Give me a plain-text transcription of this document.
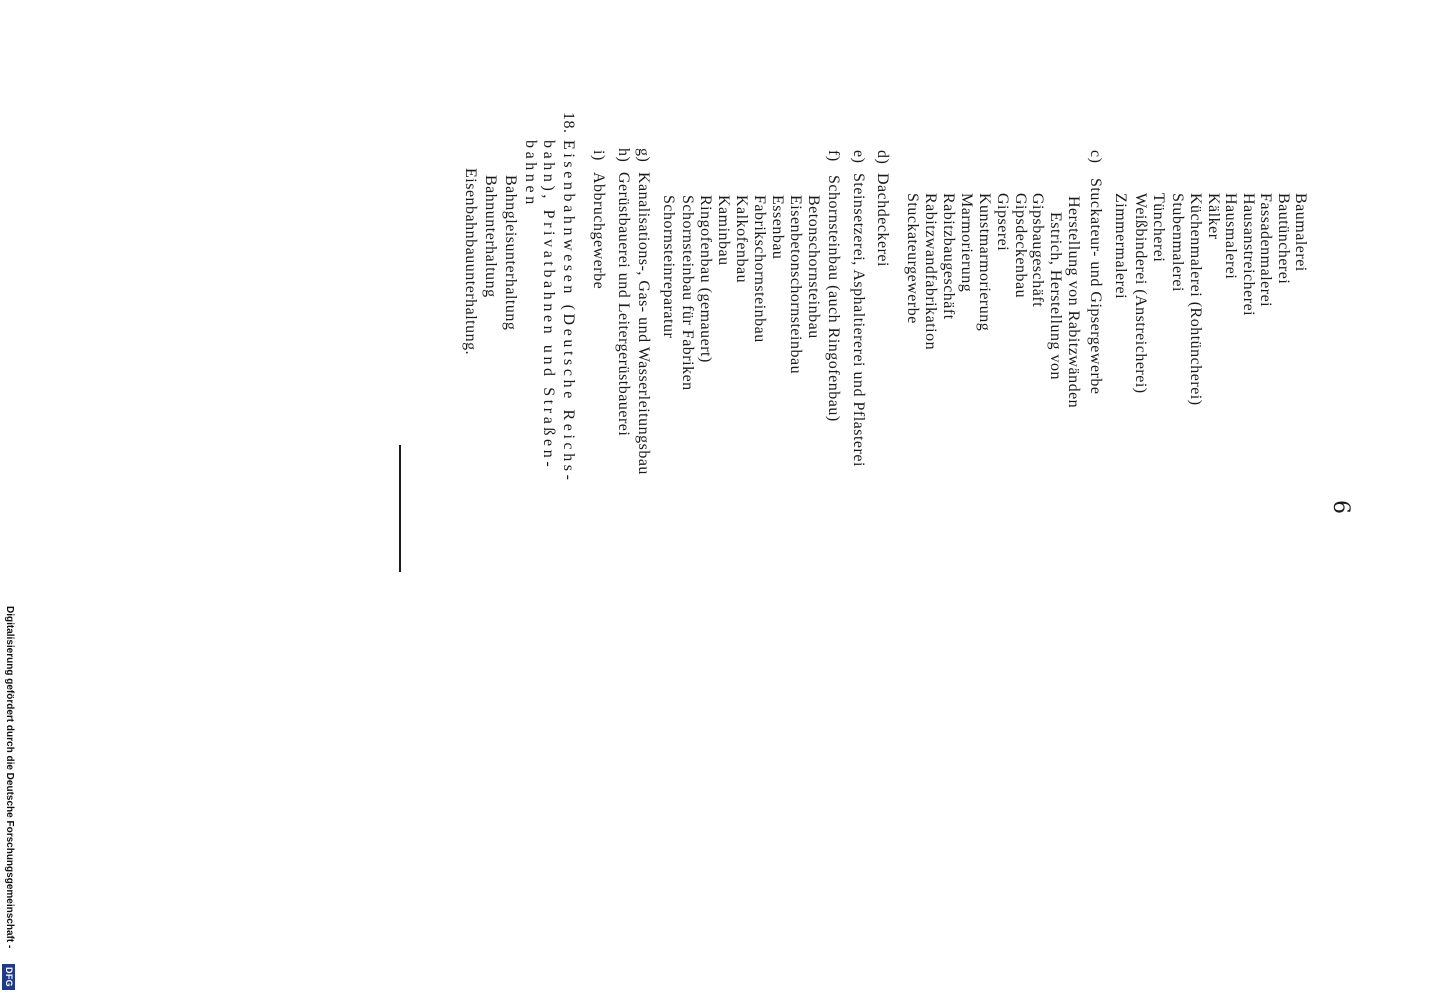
6
Baumalerei
Bautüncherei
Fassadenmalerei
Hausanstreicherei
Hausmalerei
Kälker
Küchenmalerei (Rohtüncherei)
Stubenmalerei
Tüncherei
Weißbinderei (Anstreicherei)
Zimmermalerei
c)
Stuckateur- und Gipsergewerbe
Herstellung von Rabitzwänden
Estrich, Herstellung von
Gipsbaugeschäft
Gipsdeckenbau
Gipserei
Kunstmarmorierung
Marmorierung
Rabitzbaugeschäft
Rabitzwandfabrikation
Stuckateurgewerbe
d)
Dachdeckerei
e)
Steinsetzerei, Asphaltiererei und Pflasterei
f)
Schornsteinbau (auch Ringofenbau)
Betonschornsteinbau
Eisenbetonschornsteinbau
Essenbau
Fabrikschornsteinbau
Kalkofenbau
Kaminbau
Ringofenbau (gemauert)
Schornsteinbau für Fabriken
Schornsteinreparatur
g)
Kanalisations-, Gas- und Wasserleitungsbau
h)
Gerüstbauerei und Leitergerüstbauerei
i)
Abbruchgewerbe
18.
Eisenbahnwesen (Deutsche Reichs-
bahn), Privatbahnen und Straßen-
bahnen
Bahngleisunterhaltung
Bahnunterhaltung
Eisenbahnbauunterhaltung.
Digitalisierung gefördert durch die Deutsche Forschungsgemeinschaft -
DFG
